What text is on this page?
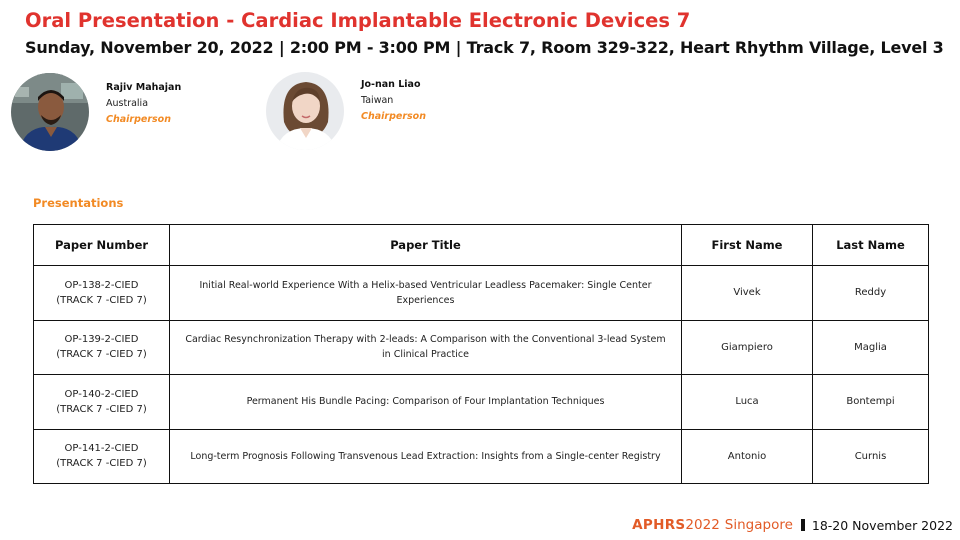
Oral Presentation - Cardiac Implantable Electronic Devices 7
Sunday, November 20, 2022 | 2:00 PM - 3:00 PM | Track 7, Room 329-322, Heart Rhythm Village, Level 3
Rajiv Mahajan
Australia
Chairperson
Jo-nan Liao
Taiwan
Chairperson
Presentations
Paper Number	Paper Title	First Name	Last Name

OP-138-2-CIED
(TRACK 7 -CIED 7)	Initial Real-world Experience With a Helix-based Ventricular Leadless Pacemaker: Single Center Experiences	Vivek	Reddy

OP-139-2-CIED
(TRACK 7 -CIED 7)	Cardiac Resynchronization Therapy with 2-leads: A Comparison with the Conventional 3-lead System in Clinical Practice	Giampiero	Maglia

OP-140-2-CIED
(TRACK 7 -CIED 7)	Permanent His Bundle Pacing: Comparison of Four Implantation Techniques	Luca	Bontempi

OP-141-2-CIED
(TRACK 7 -CIED 7)	Long-term Prognosis Following Transvenous Lead Extraction: Insights from a Single-center Registry	Antonio	Curnis
APHRS 2022 Singapore 18-20 November 2022
